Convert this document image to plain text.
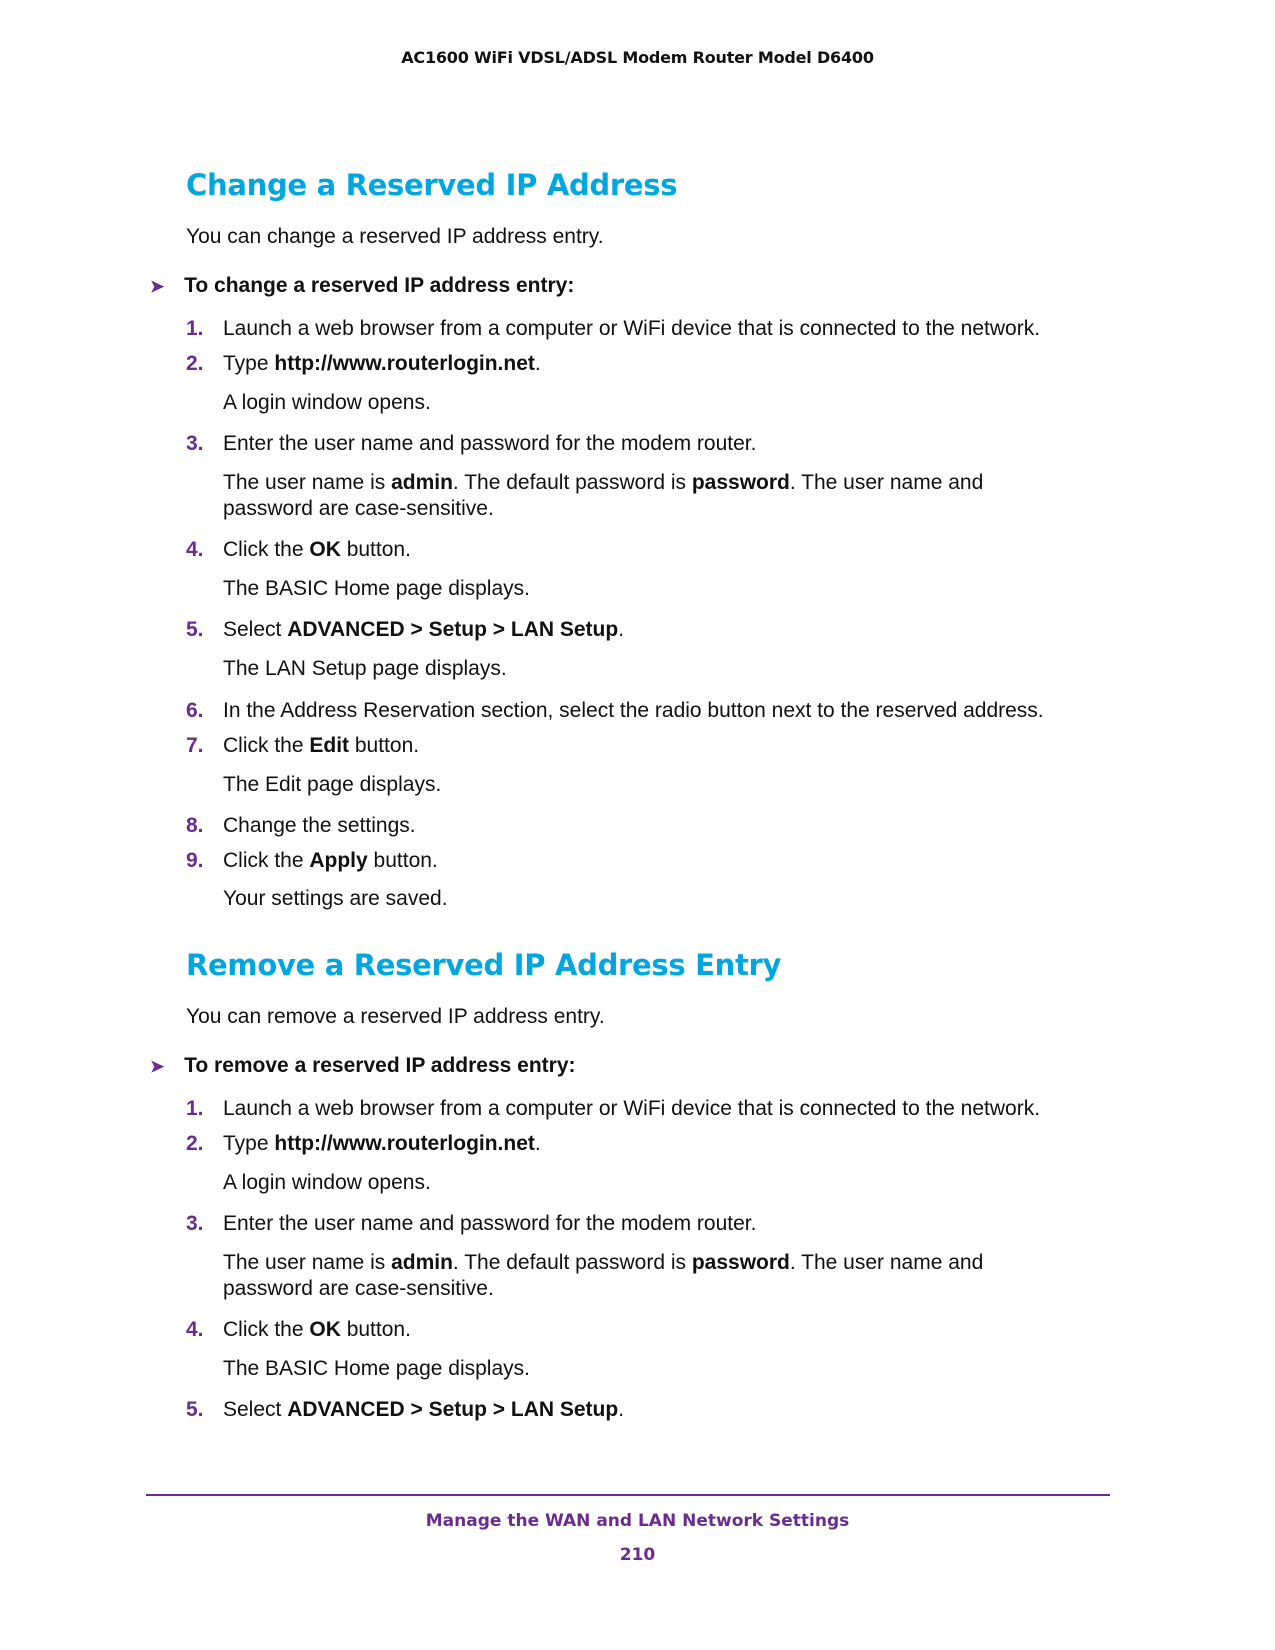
AC1600 WiFi VDSL/ADSL Modem Router Model D6400
Change a Reserved IP Address
You can change a reserved IP address entry.
➤ To change a reserved IP address entry:
1. Launch a web browser from a computer or WiFi device that is connected to the network.
2. Type http://www.routerlogin.net.
A login window opens.
3. Enter the user name and password for the modem router.
The user name is admin. The default password is password. The user name and
password are case-sensitive.
4. Click the OK button.
The BASIC Home page displays.
5. Select ADVANCED > Setup > LAN Setup.
The LAN Setup page displays.
6. In the Address Reservation section, select the radio button next to the reserved address.
7. Click the Edit button.
The Edit page displays.
8. Change the settings.
9. Click the Apply button.
Your settings are saved.
Remove a Reserved IP Address Entry
You can remove a reserved IP address entry.
➤ To remove a reserved IP address entry:
1. Launch a web browser from a computer or WiFi device that is connected to the network.
2. Type http://www.routerlogin.net.
A login window opens.
3. Enter the user name and password for the modem router.
The user name is admin. The default password is password. The user name and
password are case-sensitive.
4. Click the OK button.
The BASIC Home page displays.
5. Select ADVANCED > Setup > LAN Setup.
Manage the WAN and LAN Network Settings
210
